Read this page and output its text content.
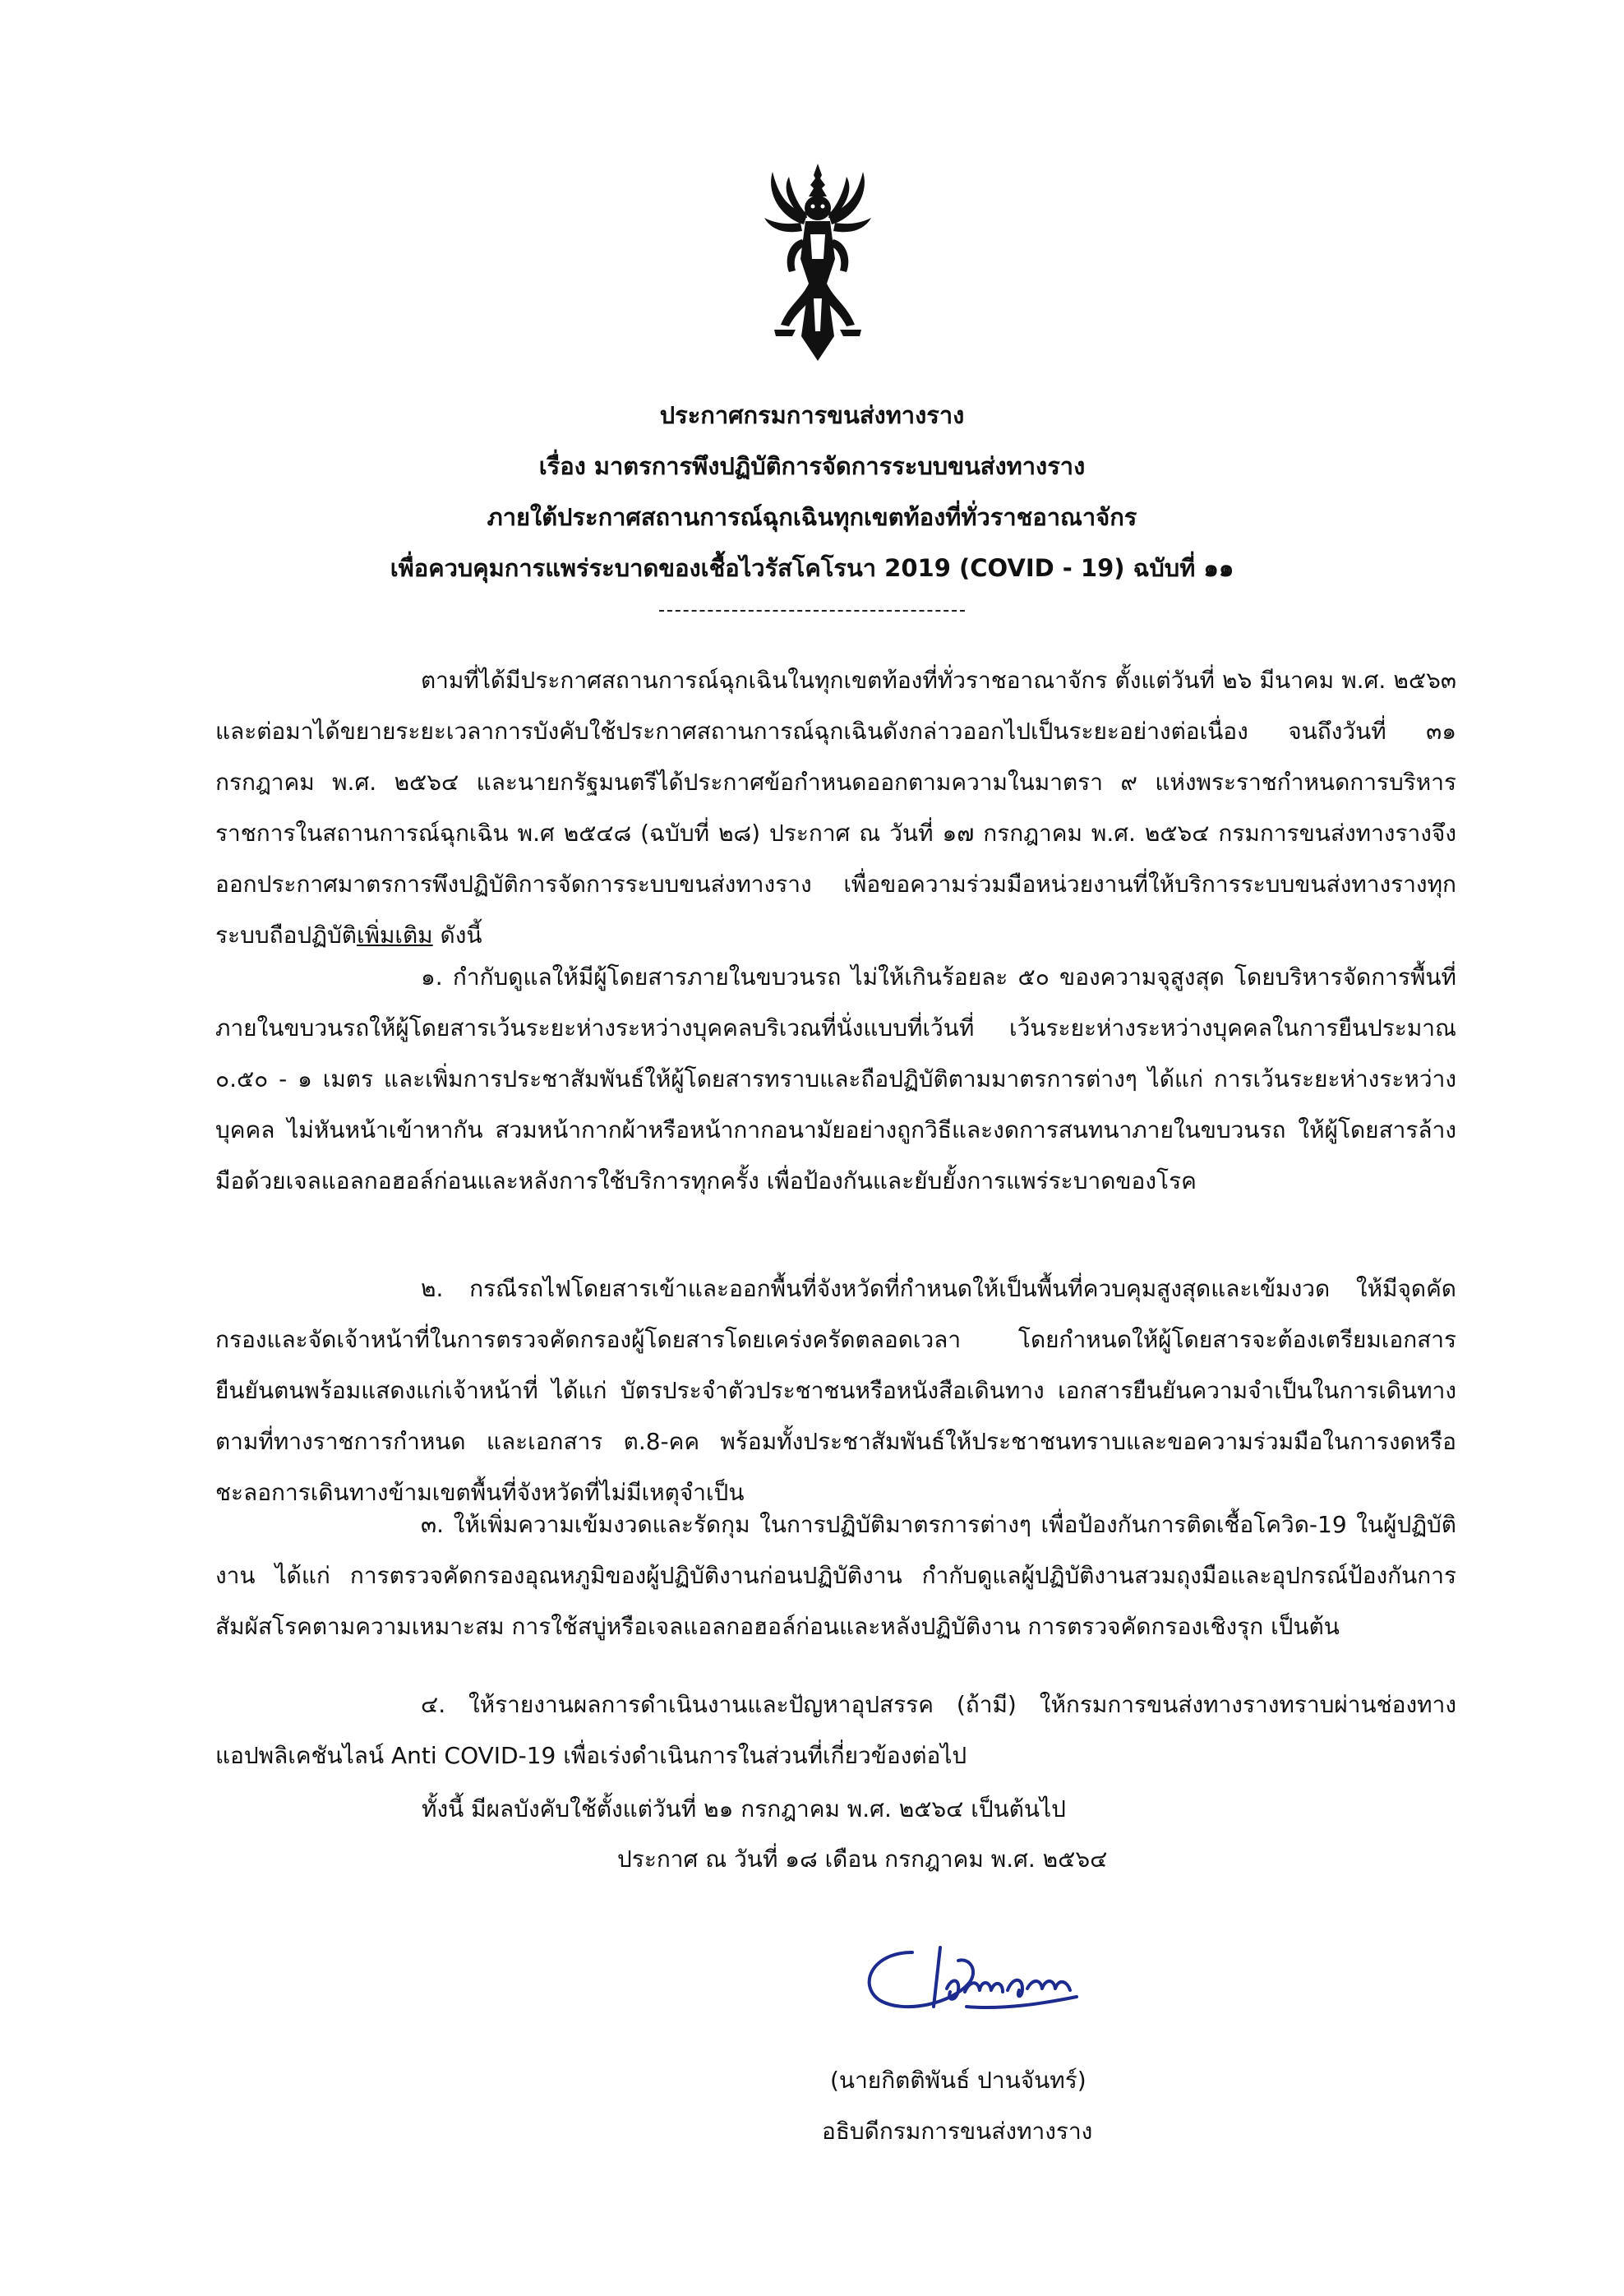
ประกาศกรมการขนส่งทางราง
เรื่อง มาตรการพึงปฏิบัติการจัดการระบบขนส่งทางราง
ภายใต้ประกาศสถานการณ์ฉุกเฉินทุกเขตท้องที่ทั่วราชอาณาจักร
เพื่อควบคุมการแพร่ระบาดของเชื้อไวรัสโคโรนา 2019 (COVID - 19) ฉบับที่ ๑๑

ตามที่ได้มีประกาศสถานการณ์ฉุกเฉินในทุกเขตท้องที่ทั่วราชอาณาจักร ตั้งแต่วันที่ ๒๖ มีนาคม พ.ศ. ๒๕๖๓ และต่อมาได้ขยายระยะเวลาการบังคับใช้ประกาศสถานการณ์ฉุกเฉินดังกล่าวออกไปเป็นระยะอย่างต่อเนื่อง จนถึงวันที่ ๓๑ กรกฎาคม พ.ศ. ๒๕๖๔ และนายกรัฐมนตรีได้ประกาศข้อกำหนดออกตามความในมาตรา ๙ แห่งพระราชกำหนดการบริหารราชการในสถานการณ์ฉุกเฉิน พ.ศ ๒๕๔๘ (ฉบับที่ ๒๘) ประกาศ ณ วันที่ ๑๗ กรกฎาคม พ.ศ. ๒๕๖๔ กรมการขนส่งทางรางจึงออกประกาศมาตรการพึงปฏิบัติการจัดการระบบขนส่งทางราง เพื่อขอความร่วมมือหน่วยงานที่ให้บริการระบบขนส่งทางรางทุกระบบถือปฏิบัติเพิ่มเติม ดังนี้

๑. กำกับดูแลให้มีผู้โดยสารภายในขบวนรถ ไม่ให้เกินร้อยละ ๕๐ ของความจุสูงสุด โดยบริหารจัดการพื้นที่ภายในขบวนรถให้ผู้โดยสารเว้นระยะห่างระหว่างบุคคลบริเวณที่นั่งแบบที่เว้นที่ เว้นระยะห่างระหว่างบุคคลในการยืนประมาณ ๐.๕๐ - ๑ เมตร และเพิ่มการประชาสัมพันธ์ให้ผู้โดยสารทราบและถือปฏิบัติตามมาตรการต่างๆ ได้แก่ การเว้นระยะห่างระหว่างบุคคล ไม่หันหน้าเข้าหากัน สวมหน้ากากผ้าหรือหน้ากากอนามัยอย่างถูกวิธีและงดการสนทนาภายในขบวนรถ ให้ผู้โดยสารล้างมือด้วยเจลแอลกอฮอล์ก่อนและหลังการใช้บริการทุกครั้ง เพื่อป้องกันและยับยั้งการแพร่ระบาดของโรค

๒. กรณีรถไฟโดยสารเข้าและออกพื้นที่จังหวัดที่กำหนดให้เป็นพื้นที่ควบคุมสูงสุดและเข้มงวด ให้มีจุดคัดกรองและจัดเจ้าหน้าที่ในการตรวจคัดกรองผู้โดยสารโดยเคร่งครัดตลอดเวลา โดยกำหนดให้ผู้โดยสารจะต้องเตรียมเอกสารยืนยันตนพร้อมแสดงแก่เจ้าหน้าที่ ได้แก่ บัตรประจำตัวประชาชนหรือหนังสือเดินทาง เอกสารยืนยันความจำเป็นในการเดินทางตามที่ทางราชการกำหนด และเอกสาร ต.8-คค พร้อมทั้งประชาสัมพันธ์ให้ประชาชนทราบและขอความร่วมมือในการงดหรือชะลอการเดินทางข้ามเขตพื้นที่จังหวัดที่ไม่มีเหตุจำเป็น

๓. ให้เพิ่มความเข้มงวดและรัดกุม ในการปฏิบัติมาตรการต่างๆ เพื่อป้องกันการติดเชื้อโควิด-19 ในผู้ปฏิบัติงาน ได้แก่ การตรวจคัดกรองอุณหภูมิของผู้ปฏิบัติงานก่อนปฏิบัติงาน กำกับดูแลผู้ปฏิบัติงานสวมถุงมือและอุปกรณ์ป้องกันการสัมผัสโรคตามความเหมาะสม การใช้สบู่หรือเจลแอลกอฮอล์ก่อนและหลังปฏิบัติงาน การตรวจคัดกรองเชิงรุก เป็นต้น

๔. ให้รายงานผลการดำเนินงานและปัญหาอุปสรรค (ถ้ามี) ให้กรมการขนส่งทางรางทราบผ่านช่องทางแอปพลิเคชันไลน์ Anti COVID-19 เพื่อเร่งดำเนินการในส่วนที่เกี่ยวข้องต่อไป

ทั้งนี้ มีผลบังคับใช้ตั้งแต่วันที่ ๒๑ กรกฎาคม พ.ศ. ๒๕๖๔ เป็นต้นไป
ประกาศ ณ วันที่ ๑๘ เดือน กรกฎาคม พ.ศ. ๒๕๖๔
(นายกิตติพันธ์ ปานจันทร์)
อธิบดีกรมการขนส่งทางราง
